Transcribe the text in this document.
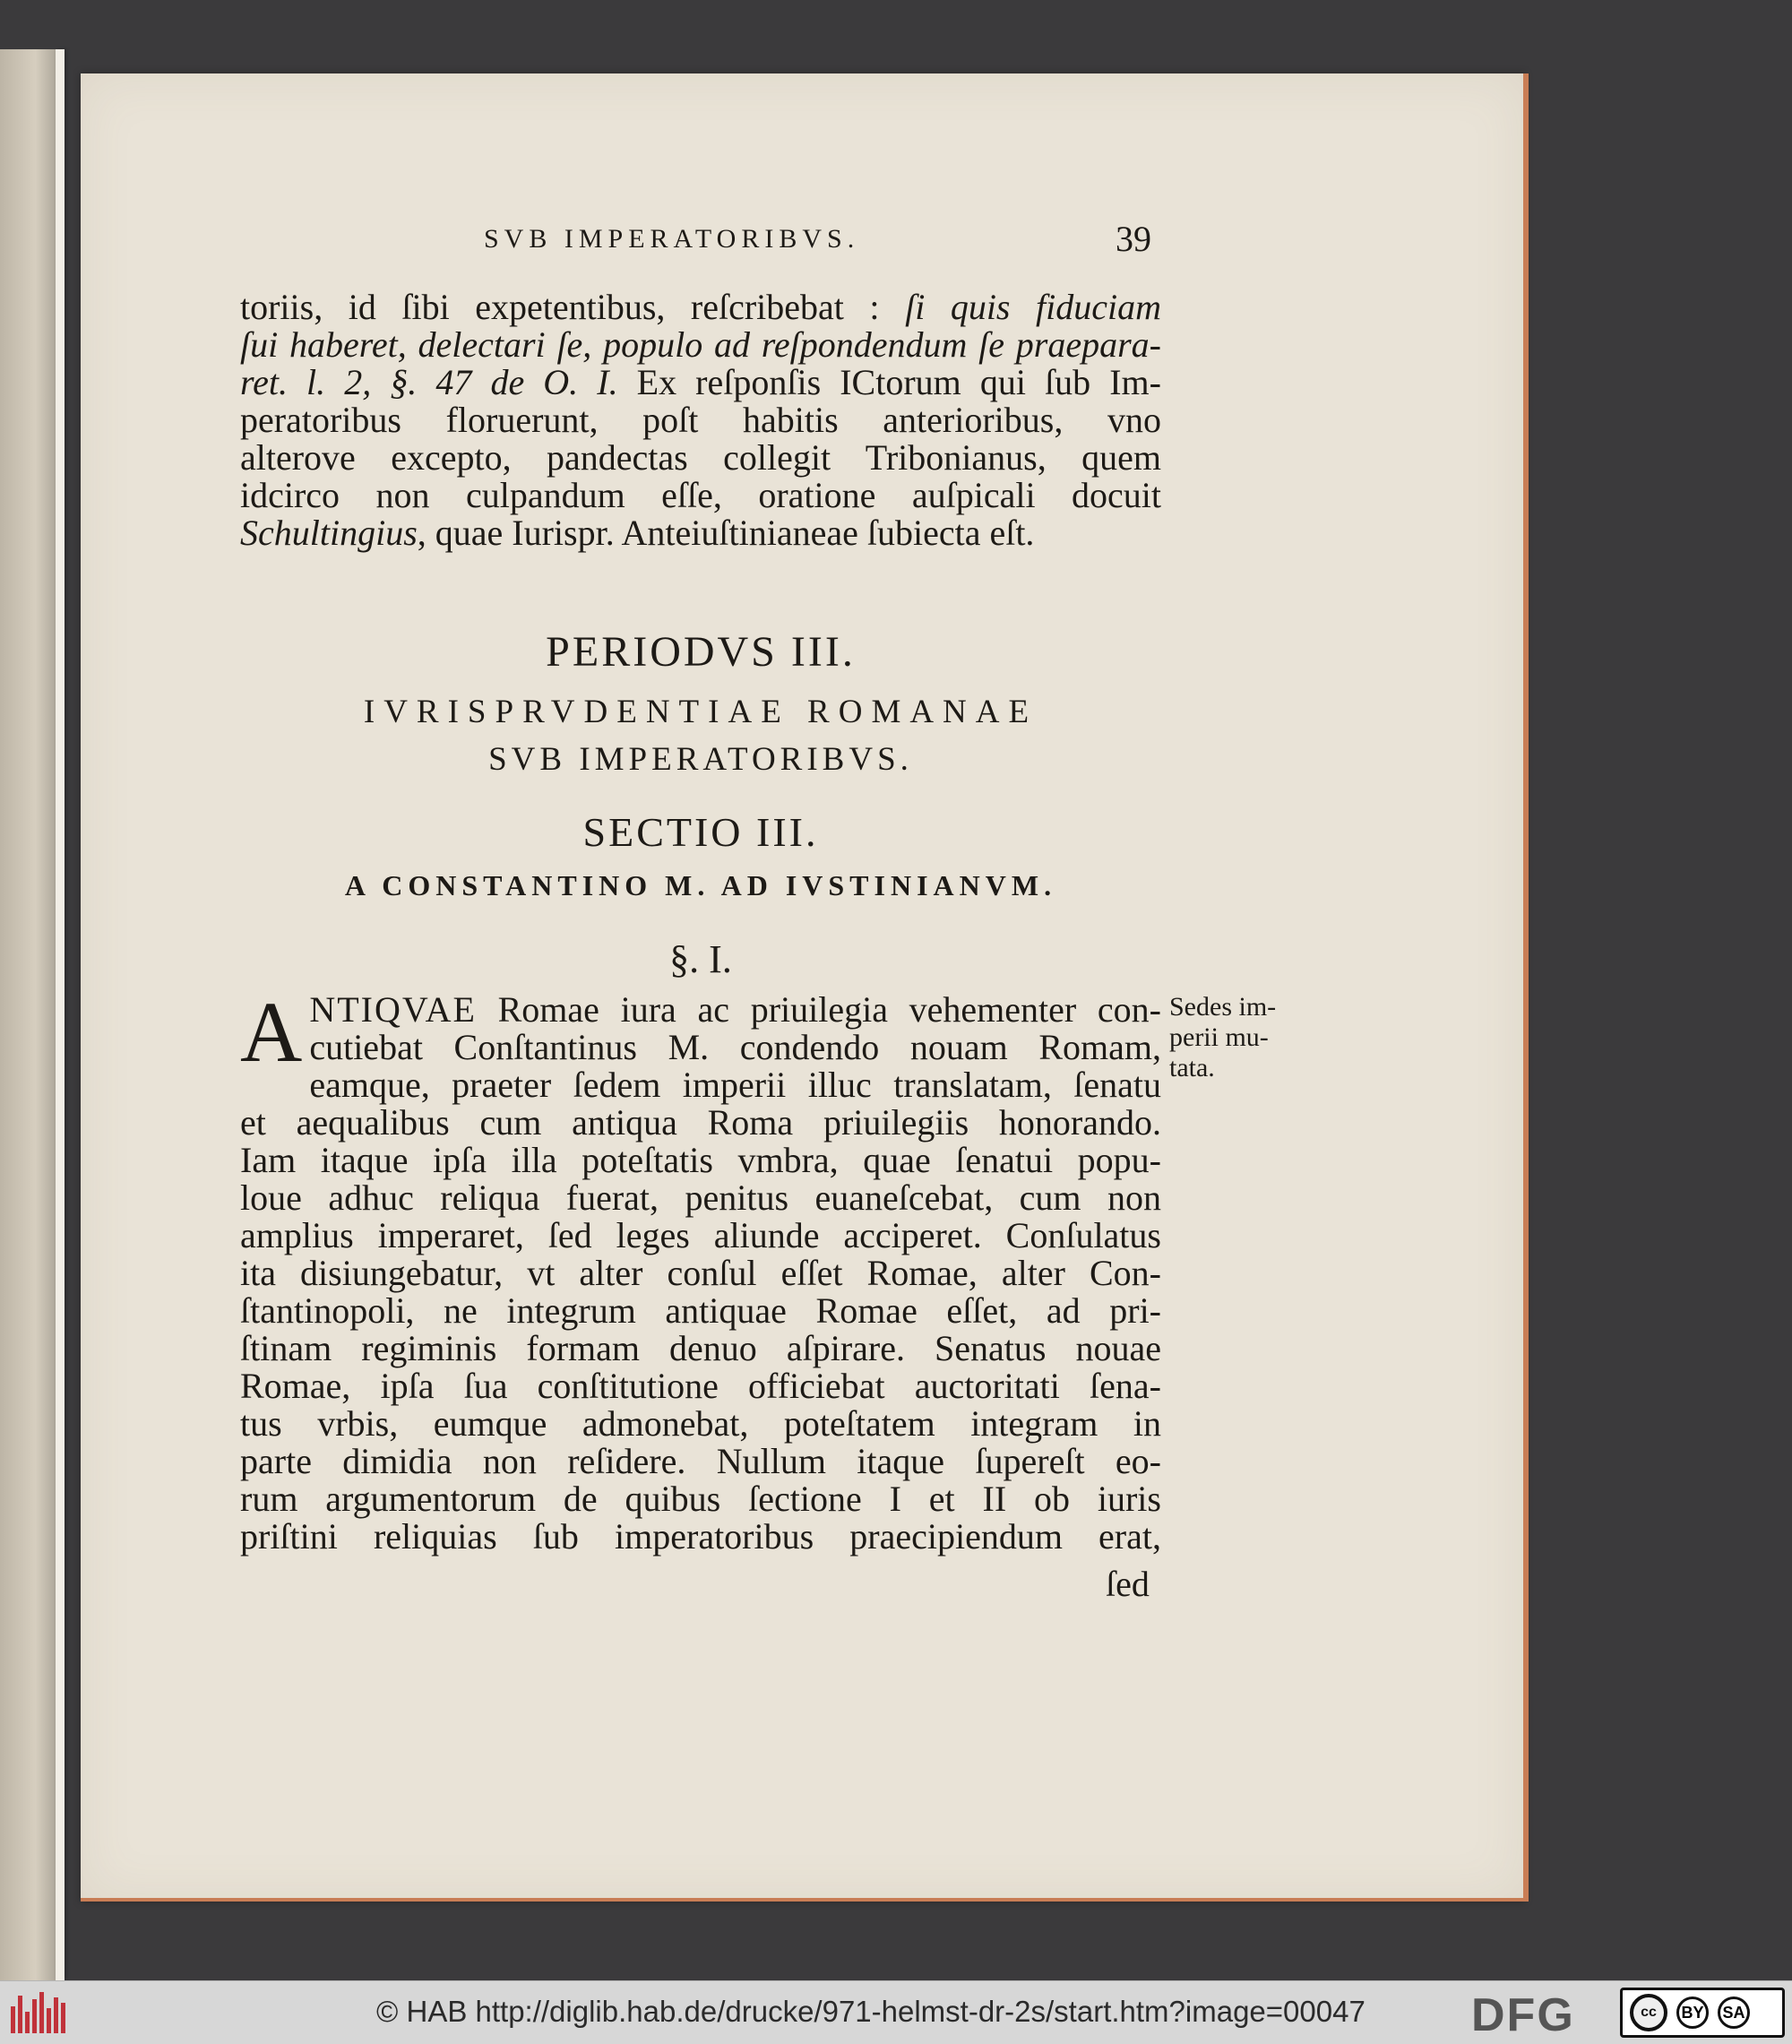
SVB IMPERATORIBVS.	39
toriis, id ſibi expetentibus, reſcribebat : ſi quis fiduciam
ſui haberet, delectari ſe, populo ad reſpondendum ſe praepara-
ret. l. 2, §. 47 de O. I. Ex reſponſis ICtorum qui ſub Im-
peratoribus floruerunt, poſt habitis anterioribus, vno
alterove excepto, pandectas collegit Tribonianus, quem
idcirco non culpandum eſſe, oratione auſpicali docuit
Schultingius, quae Iurispr. Anteiuſtinianeae ſubiecta eſt.
PERIODVS III.
IVRISPRVDENTIAE ROMANAE
SVB IMPERATORIBVS.
SECTIO III.
A CONSTANTINO M. AD IVSTINIANVM.
§. I.
A NTIQVAE Romae iura ac priuilegia vehementer con-
cutiebat Conſtantinus M. condendo nouam Romam,
eamque, praeter ſedem imperii illuc translatam, ſenatu
et aequalibus cum antiqua Roma priuilegiis honorando.
Iam itaque ipſa illa poteſtatis vmbra, quae ſenatui popu-
loue adhuc reliqua fuerat, penitus euaneſcebat, cum non
amplius imperaret, ſed leges aliunde acciperet. Conſulatus
ita disiungebatur, vt alter conſul eſſet Romae, alter Con-
ſtantinopoli, ne integrum antiquae Romae eſſet, ad pri-
ſtinam regiminis formam denuo aſpirare. Senatus nouae
Romae, ipſa ſua conſtitutione officiebat auctoritati ſena-
tus vrbis, eumque admonebat, poteſtatem integram in
parte dimidia non reſidere. Nullum itaque ſupereſt eo-
rum argumentorum de quibus ſectione I et II ob iuris
priſtini reliquias ſub imperatoribus praecipiendum erat,
ſed
Sedes im-
perii mu-
tata.
© HAB http://diglib.hab.de/drucke/971-helmst-dr-2s/start.htm?image=00047 DFG	cc	BY	SA
